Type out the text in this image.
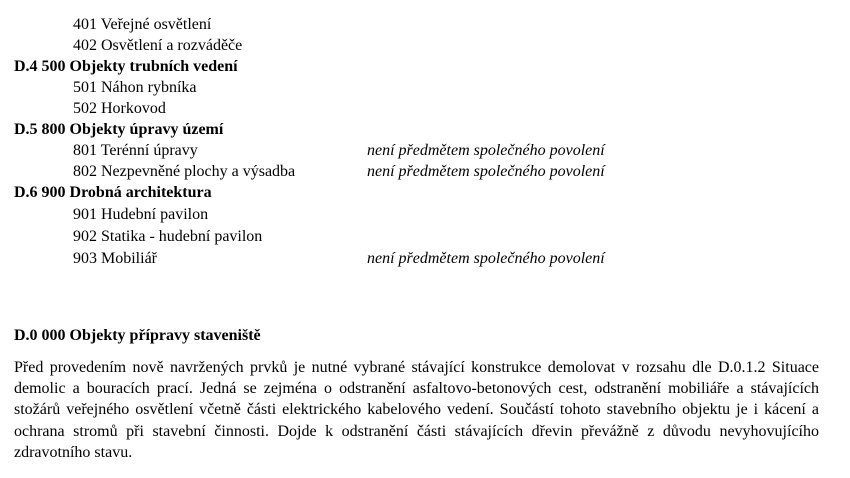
401 Veřejné osvětlení
402 Osvětlení a rozváděče
D.4 500 Objekty trubních vedení
501 Náhon rybníka
502 Horkovod
D.5 800 Objekty úpravy území
801 Terénní úpravy	není předmětem společného povolení
802 Nezpevněné plochy a výsadba	není předmětem společného povolení
D.6 900 Drobná architektura
901 Hudební pavilon
902 Statika - hudební pavilon
903 Mobiliář	není předmětem společného povolení
D.0 000 Objekty přípravy staveniště

Před provedením nově navržených prvků je nutné vybrané stávající konstrukce demolovat v rozsahu dle D.0.1.2 Situace demolic a bouracích prací. Jedná se zejména o odstranění asfaltovo-betonových cest, odstranění mobiliáře a stávajících stožárů veřejného osvětlení včetně části elektrického kabelového vedení. Součástí tohoto stavebního objektu je i kácení a ochrana stromů při stavební činnosti. Dojde k odstranění části stávajících dřevin převážně z důvodu nevyhovujícího zdravotního stavu.
